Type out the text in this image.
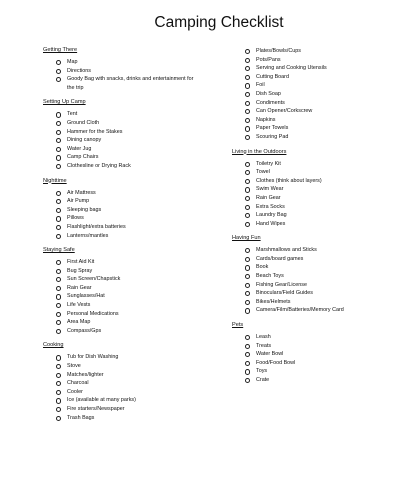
Camping Checklist
Getting There
Map
Directions
Goody Bag with snacks, drinks and entertainment for
the trip
Setting Up Camp
Tent
Ground Cloth
Hammer for the Stakes
Dining canopy
Water Jug
Camp Chairs
Clothesline or Drying Rack
Nighttime
Air Mattress
Air Pump
Sleeping bags
Pillows
Flashlight/extra batteries
Lanterns/mantles
Staying Safe
First Aid Kit
Bug Spray
Sun Screen/Chapstick
Rain Gear
Sunglasses/Hat
Life Vests
Personal Medications
Area Map
Compass/Gps
Cooking
Tub for Dish Washing
Stove
Matches/lighter
Charcoal
Cooler
Ice (available at many parks)
Fire starters/Newspaper
Trash Bags
Plates/Bowls/Cups
Pots/Pans
Serving and Cooking Utensils
Cutting Board
Foil
Dish Soap
Condiments
Can Opener/Corkscrew
Napkins
Paper Towels
Scouring Pad
Living in the Outdoors
Toiletry Kit
Towel
Clothes (think about layers)
Swim Wear
Rain Gear
Extra Socks
Laundry Bag
Hand Wipes
Having Fun
Marshmallows and Sticks
Cards/board games
Book
Beach Toys
Fishing Gear/License
Binoculars/Field Guides
Bikes/Helmets
Camera/Film/Batteries/Memory Card
Pets
Leash
Treats
Water Bowl
Food/Food Bowl
Toys
Crate
